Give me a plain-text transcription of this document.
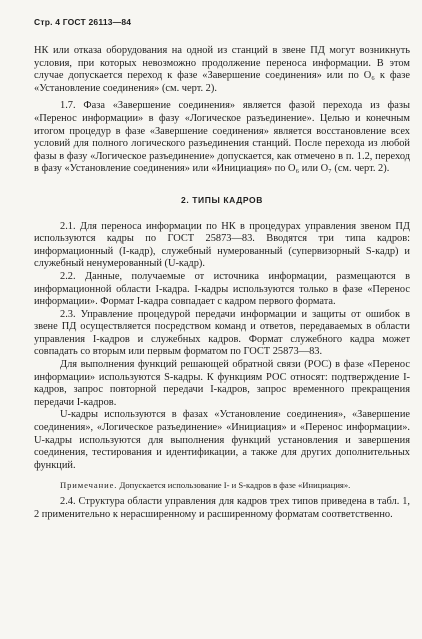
Стр. 4 ГОСТ 26113—84

НК или отказа оборудования на одной из станций в звене ПД могут возникнуть условия, при которых невозможно продолжение переноса информации. В этом случае допускается переход к фазе «Завершение соединения» или по О₆ к фазе «Установление соединения» (см. черт. 2).

1.7. Фаза «Завершение соединения» является фазой перехода из фазы «Перенос информации» в фазу «Логическое разъединение». Целью и конечным итогом процедур в фазе «Завершение соединения» является восстановление всех условий для полного логического разъединения станций. После перехода из любой фазы в фазу «Логическое разъединение» допускается, как отмечено в п. 1.2, переход в фазу «Установление соединения» или «Инициация» по О₆ или О₇ (см. черт. 2).

2. ТИПЫ КАДРОВ

2.1. Для переноса информации по НК в процедурах управления звеном ПД используются кадры по ГОСТ 25873—83. Вводятся три типа кадров: информационный (I-кадр), служебный нумерованный (супервизорный S-кадр) и служебный ненумерованный (U-кадр).

2.2. Данные, получаемые от источника информации, размещаются в информационной области I-кадра. I-кадры используются только в фазе «Перенос информации». Формат I-кадра совпадает с кадром первого формата.

2.3. Управление процедурой передачи информации и защиты от ошибок в звене ПД осуществляется посредством команд и ответов, передаваемых в области управления I-кадров и служебных кадров. Формат служебного кадра может совпадать со вторым или первым форматом по ГОСТ 25873—83.

Для выполнения функций решающей обратной связи (РОС) в фазе «Перенос информации» используются S-кадры. К функциям РОС относят: подтверждение I-кадров, запрос повторной передачи I-кадров, запрос временного прекращения передачи I-кадров.

U-кадры используются в фазах «Установление соединения», «Завершение соединения», «Логическое разъединение» «Инициация» и «Перенос информации». U-кадры используются для выполнения функций установления и завершения соединения, тестирования и идентификации, а также для других дополнительных функций.

Примечание. Допускается использование I- и S-кадров в фазе «Инициация».

2.4. Структура области управления для кадров трех типов приведена в табл. 1, 2 применительно к нерасширенному и расширенному форматам соответственно.
